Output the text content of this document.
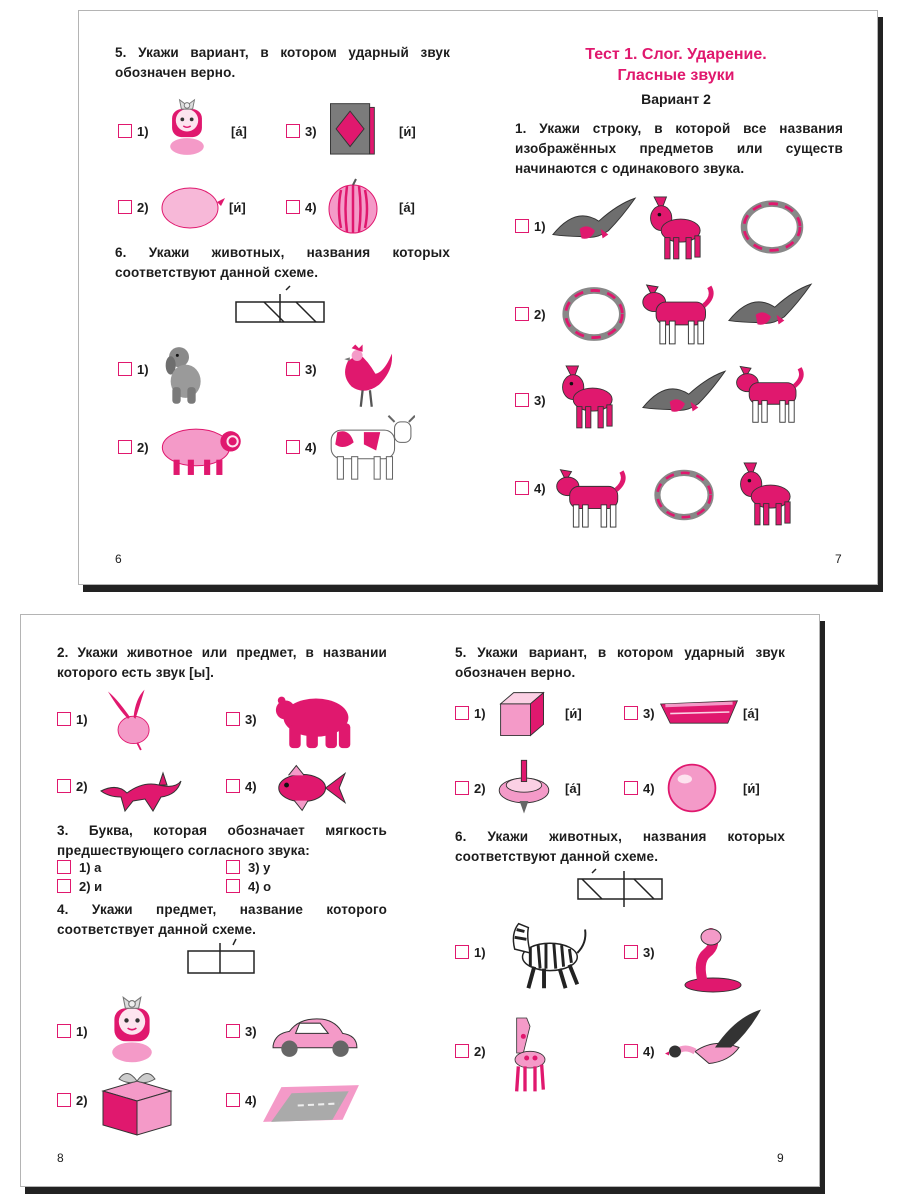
5. Укажи вариант, в котором ударный звук обозначен верно.
1)	[а́]	3)	[и́]
2)	[и́]	4)	[а́]
6. Укажи животных, названия которых соответствуют данной схеме.
1)	3)
2)	4)
6
Тест 1. Слог. Ударение.
Гласные звуки
Вариант 2
1. Укажи строку, в которой все названия изображённых предметов или существ начинаются с одинакового звука.
1)
2)
3)
4)
7
2. Укажи животное или предмет, в названии которого есть звук [ы].
1)	3)
2)	4)
3. Буква, которая обозначает мягкость предшествующего согласного звука:
1) а	3) у
2) и	4) о
4. Укажи предмет, название которого соответствует данной схеме.
1)	3)
2)	4)
8
5. Укажи вариант, в котором ударный звук обозначен верно.
1)	[и́]	3)	[а́]
2)	[а́]	4)	[и́]
6. Укажи животных, названия которых соответствуют данной схеме.
1)	3)
2)	4)
9
